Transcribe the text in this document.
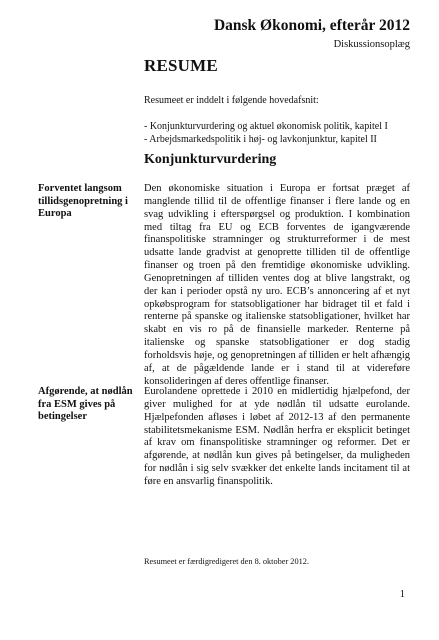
Dansk Økonomi, efterår 2012
Diskussionsoplæg
RESUME
Resumeet er inddelt i følgende hovedafsnit:
- Konjunkturvurdering og aktuel økonomisk politik, kapitel I
- Arbejdsmarkedspolitik i høj- og lavkonjunktur, kapitel II
Konjunkturvurdering
Forventet langsom tillidsgenopretning i Europa
Den økonomiske situation i Europa er fortsat præget af manglende tillid til de offentlige finanser i flere lande og en svag udvikling i efterspørgsel og produktion. I kombination med tiltag fra EU og ECB forventes de igangværende finanspolitiske stramninger og strukturreformer i de mest udsatte lande gradvist at genoprette tilliden til de offentlige finanser og troen på den fremtidige økonomiske udvikling. Genopretningen af tilliden ventes dog at blive langstrakt, og der kan i perioder opstå ny uro. ECB’s annoncering af et nyt opkøbsprogram for statsobligationer har bidraget til et fald i renterne på spanske og italienske statsobligationer, hvilket har skabt en vis ro på de finansielle markeder. Renterne på italienske og spanske statsobligationer er dog stadig forholdsvis høje, og genopretningen af tilliden er helt afhængig af, at de pågældende lande er i stand til at videreføre konsolideringen af deres offentlige finanser.
Afgørende, at nødlån fra ESM gives på betingelser
Eurolandene oprettede i 2010 en midlertidig hjælpefond, der giver mulighed for at yde nødlån til udsatte eurolande. Hjælpefonden afløses i løbet af 2012-13 af den permanente stabilitetsmekanisme ESM. Nødlån herfra er eksplicit betinget af krav om finanspolitiske stramninger og reformer. Det er afgørende, at nødlån kun gives på betingelser, da muligheden for nødlån i sig selv svækker det enkelte lands incitament til at føre en ansvarlig finanspolitik.
Resumeet er færdigredigeret den 8. oktober 2012.
1
